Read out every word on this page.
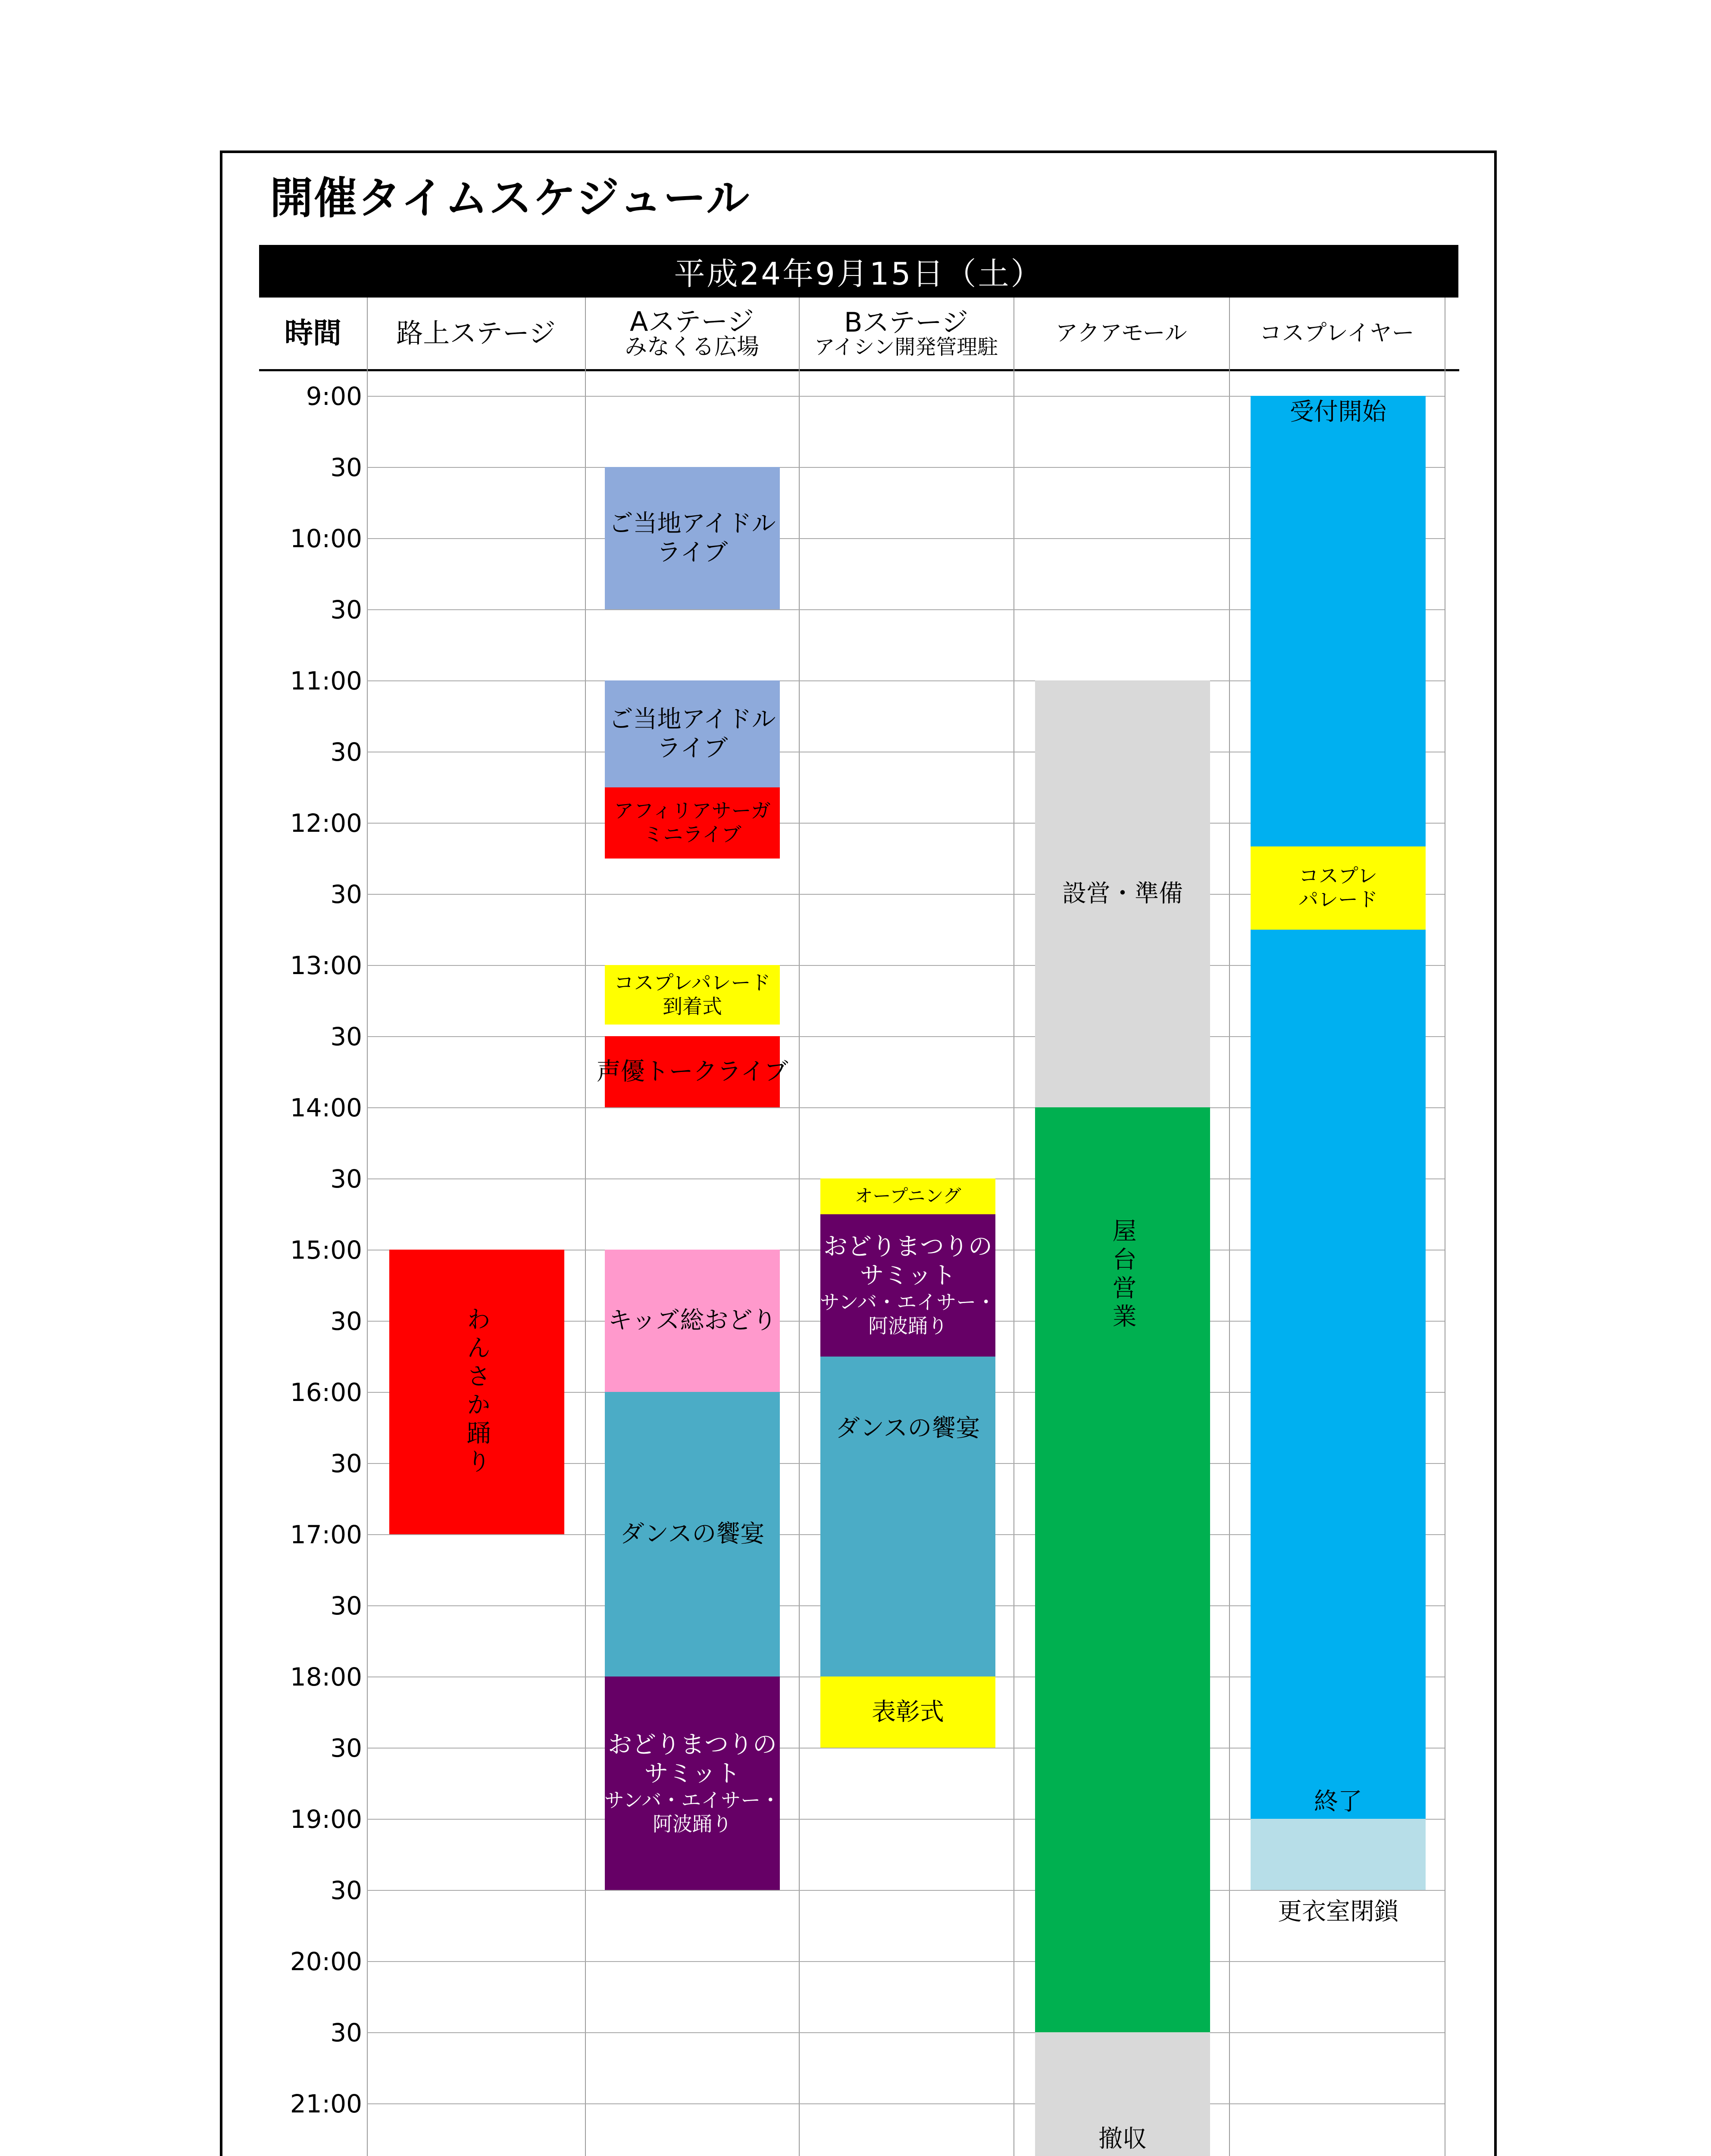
開催タイムスケジュール
平成24年9月15日（土）
時間 路上ステージ	Aステージ
みなくる広場
Bステージ
アイシン開発管理駐
アクアモール	コスプレイヤー
9:00
30
10:00
30
11:00
30
12:00
30
13:00
30
14:00
30
15:00
30
16:00
30
17:00
30
18:00
30
19:00
30
20:00
30
21:00
ご当地アイドル
ライブ
ご当地アイドル
ライブ
アフィリアサーガ
ミニライブ
コスプレパレード
到着式
声優トークライブ
キッズ総おどり
ダンスの饗宴
おどりまつりの
サミット
サンバ・エイサー・
阿波踊り
わんさか踊り
オープニング
おどりまつりの
サミット
サンバ・エイサー・
阿波踊り
ダンスの饗宴
表彰式
設営・準備
屋台営業
撤収
受付開始
コスプレ
パレード
終了
更衣室閉鎖
